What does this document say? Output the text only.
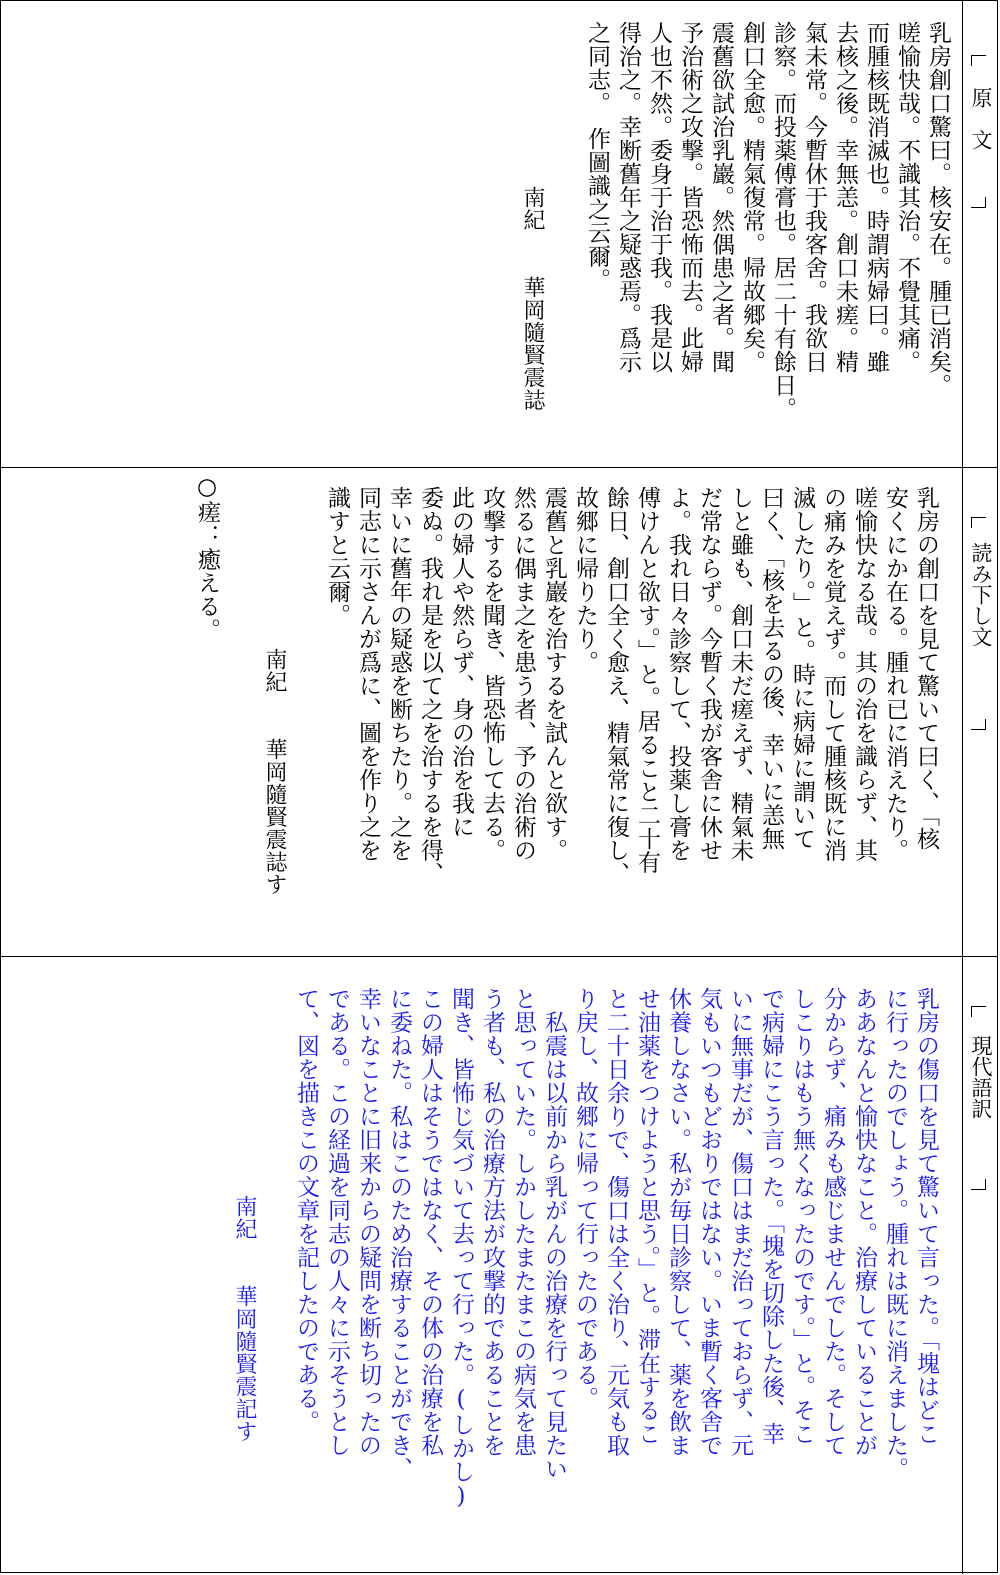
原　文
乳房創口驚曰。核安在。腫已消矣。
嗟愉快哉。不識其治。不覺其痛。
而腫核既消滅也。時謂病婦曰。雖
去核之後。幸無恙。創口未瘥。精
氣未常。今暫休于我客舍。我欲日
診察。而投薬傅膏也。居二十有餘日。
創口全愈。精氣復常。帰故郷矣。
震舊欲試治乳巖。然偶患之者。聞
予治術之攻撃。皆恐怖而去。此婦
人也不然。委身于治于我。我是以
得治之。幸断舊年之疑惑焉。爲示
之同志。　作圖識之云爾。
南紀　　華岡隨賢震誌
読み下し文
乳房の創口を見て驚いて曰く、「核
安くにか在る。腫れ已に消えたり。
嗟愉快なる哉。其の治を識らず、其
の痛みを覚えず。而して腫核既に消
滅したり。」と。時に病婦に謂いて
曰く、「核を去るの後、幸いに恙無
しと雖も、創口未だ瘥えず、精氣未
だ常ならず。今暫く我が客舎に休せ
よ。我れ日々診察して、投薬し膏を
傅けんと欲す。」と。居ること二十有
餘日、創口全く愈え、精氣常に復し、
故郷に帰りたり。
震舊と乳巖を治するを試んと欲す。
然るに偶ま之を患う者、予の治術の
攻撃するを聞き、皆恐怖して去る。
此の婦人や然らず、身の治を我に
委ぬ。我れ是を以て之を治するを得、
幸いに舊年の疑惑を断ちたり。之を
同志に示さんが爲に、圖を作り之を
識すと云爾。
南紀　　華岡隨賢震誌す
○瘥：癒える。
現代語訳
乳房の傷口を見て驚いて言った。「塊はどこ
に行ったのでしょう。腫れは既に消えました。
ああなんと愉快なこと。治療していることが
分からず、痛みも感じませんでした。そして
しこりはもう無くなったのです。」と。そこ
で病婦にこう言った。「塊を切除した後、幸
いに無事だが、傷口はまだ治っておらず、元
気もいつもどおりではない。いま暫く客舎で
休養しなさい。私が毎日診察して、薬を飲ま
せ油薬をつけようと思う。」と。滞在するこ
と二十日余りで、傷口は全く治り、元気も取
り戻し、故郷に帰って行ったのである。
　私震は以前から乳がんの治療を行って見たい
と思っていた。しかしたまたまこの病気を患
う者も、私の治療方法が攻撃的であることを
聞き、皆怖じ気づいて去って行った。(しかし)
この婦人はそうではなく、その体の治療を私
に委ねた。私はこのため治療することができ、
幸いなことに旧来からの疑問を断ち切ったの
である。この経過を同志の人々に示そうとし
て、図を描きこの文章を記したのである。
南紀　　華岡隨賢震記す
